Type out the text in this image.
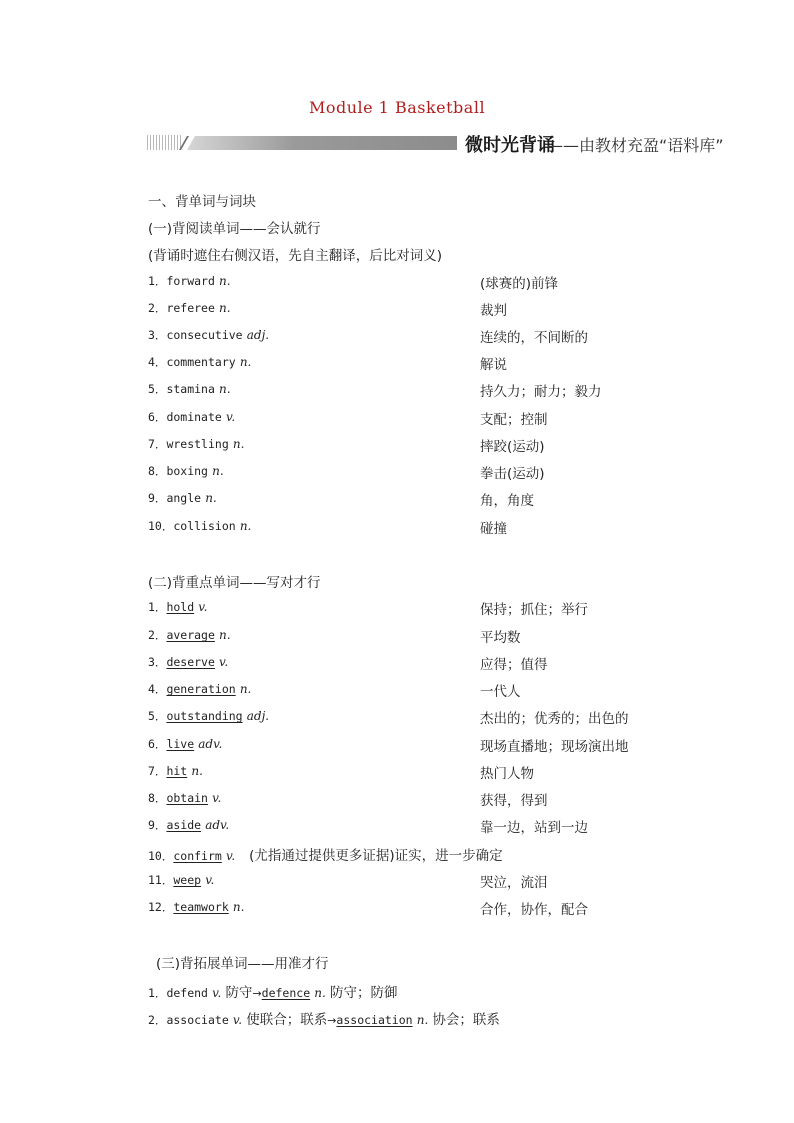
Module 1 Basketball
微时光背诵
——由教材充盈“语料库”
一、背单词与词块
(一)背阅读单词——会认就行
(背诵时遮住右侧汉语，先自主翻译，后比对词义)
1．forward n.	(球赛的)前锋
2．referee n.	裁判
3．consecutive adj.	连续的，不间断的
4．commentary n.	解说
5．stamina n.	持久力；耐力；毅力
6．dominate v.	支配；控制
7．wrestling n.	摔跤(运动)
8．boxing n.	拳击(运动)
9．angle n.	角，角度
10．collision n.	碰撞
(二)背重点单词——写对才行
1．hold v.	保持；抓住；举行
2．average n.	平均数
3．deserve v.	应得；值得
4．generation n.	一代人
5．outstanding adj.	杰出的；优秀的；出色的
6．live adv.	现场直播地；现场演出地
7．hit n.	热门人物
8．obtain v.	获得，得到
9．aside adv.	靠一边，站到一边
10．confirm v. (尤指通过提供更多证据)证实，进一步确定
11．weep v.	哭泣，流泪
12．teamwork n.	合作，协作，配合
(三)背拓展单词——用准才行
1．defend v. 防守→defence n. 防守；防御
2．associate v. 使联合；联系→association n. 协会；联系
